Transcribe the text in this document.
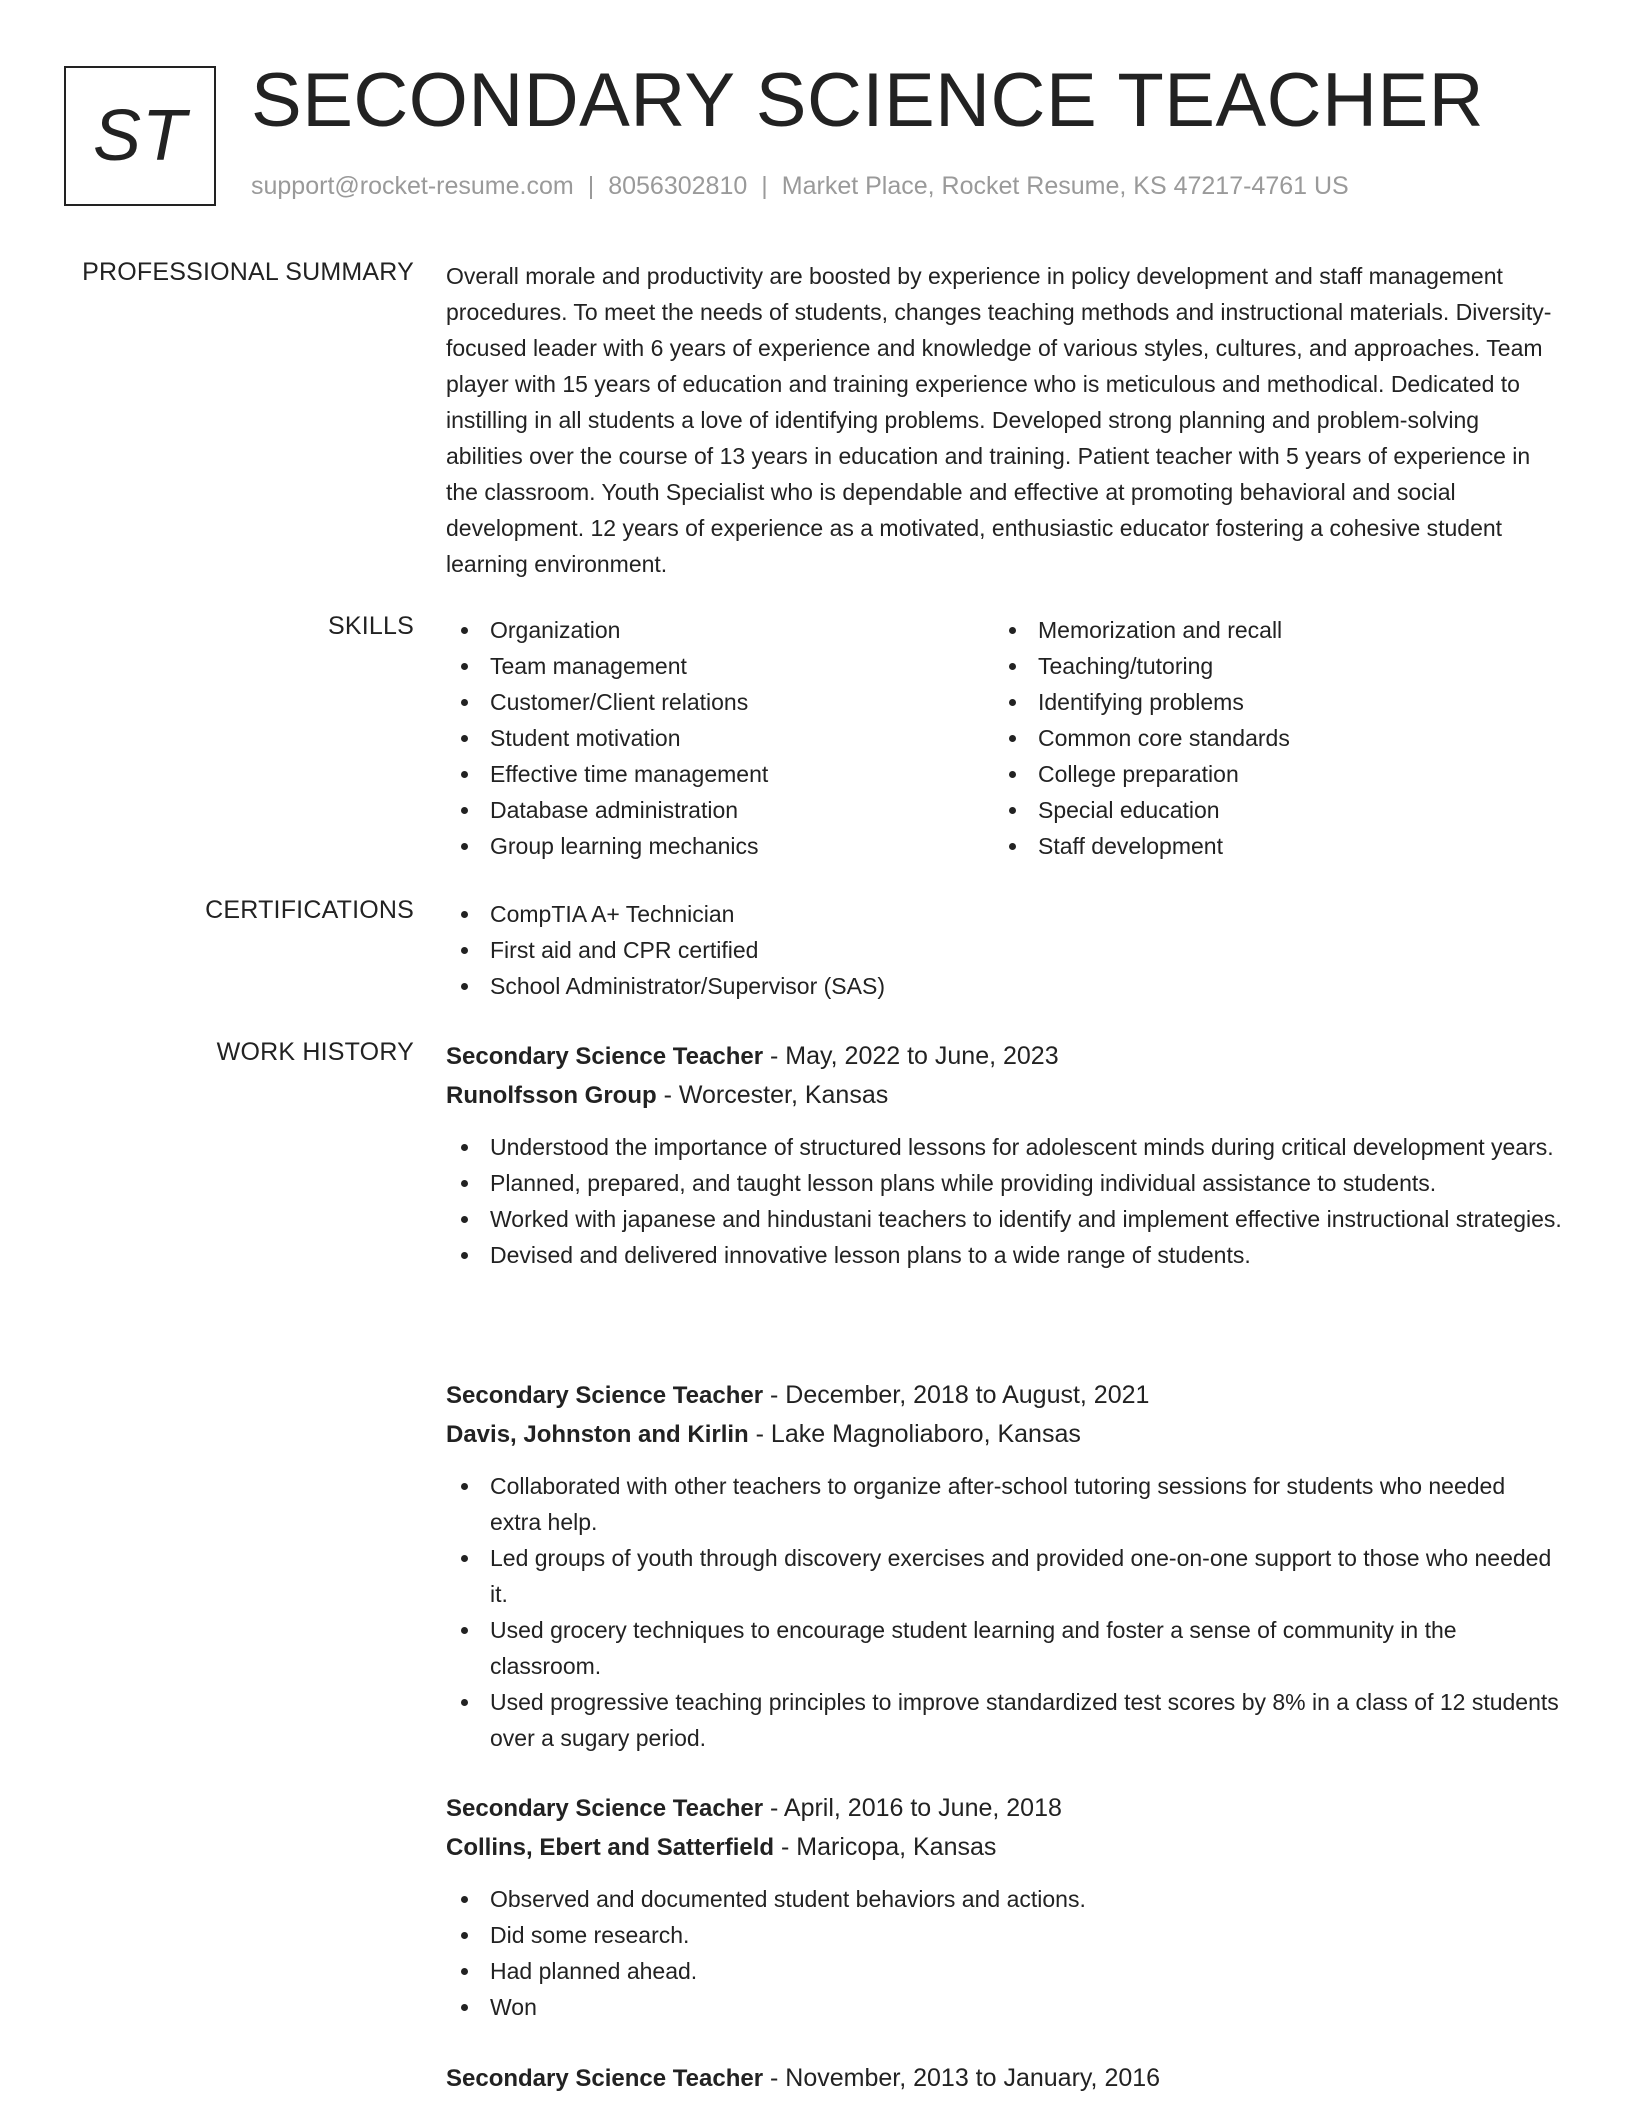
ST SECONDARY SCIENCE TEACHER
support@rocket-resume.com | 8056302810 | Market Place, Rocket Resume, KS 47217-4761 US
PROFESSIONAL SUMMARY Overall morale and productivity are boosted by experience in policy development and staff management procedures. To meet the needs of students, changes teaching methods and instructional materials. Diversity-focused leader with 6 years of experience and knowledge of various styles, cultures, and approaches. Team player with 15 years of education and training experience who is meticulous and methodical. Dedicated to instilling in all students a love of identifying problems. Developed strong planning and problem-solving abilities over the course of 13 years in education and training. Patient teacher with 5 years of experience in the classroom. Youth Specialist who is dependable and effective at promoting behavioral and social development. 12 years of experience as a motivated, enthusiastic educator fostering a cohesive student learning environment.
SKILLS	Organization
Team management
Customer/Client relations
Student motivation
Effective time management
Database administration
Group learning mechanics
Memorization and recall
Teaching/tutoring
Identifying problems
Common core standards
College preparation
Special education
Staff development
CERTIFICATIONS	CompTIA A+ Technician
First aid and CPR certified
School Administrator/Supervisor (SAS)
WORK HISTORY Secondary Science Teacher - May, 2022 to June, 2023
Runolfsson Group - Worcester, Kansas
Understood the importance of structured lessons for adolescent minds during critical development years.
Planned, prepared, and taught lesson plans while providing individual assistance to students.
Worked with japanese and hindustani teachers to identify and implement effective instructional strategies.
Devised and delivered innovative lesson plans to a wide range of students.
Secondary Science Teacher - December, 2018 to August, 2021
Davis, Johnston and Kirlin - Lake Magnoliaboro, Kansas
Collaborated with other teachers to organize after-school tutoring sessions for students who needed extra help.
Led groups of youth through discovery exercises and provided one-on-one support to those who needed it.
Used grocery techniques to encourage student learning and foster a sense of community in the classroom.
Used progressive teaching principles to improve standardized test scores by 8% in a class of 12 students over a sugary period.
Secondary Science Teacher - April, 2016 to June, 2018
Collins, Ebert and Satterfield - Maricopa, Kansas
Observed and documented student behaviors and actions.
Did some research.
Had planned ahead.
Won
Secondary Science Teacher - November, 2013 to January, 2016
